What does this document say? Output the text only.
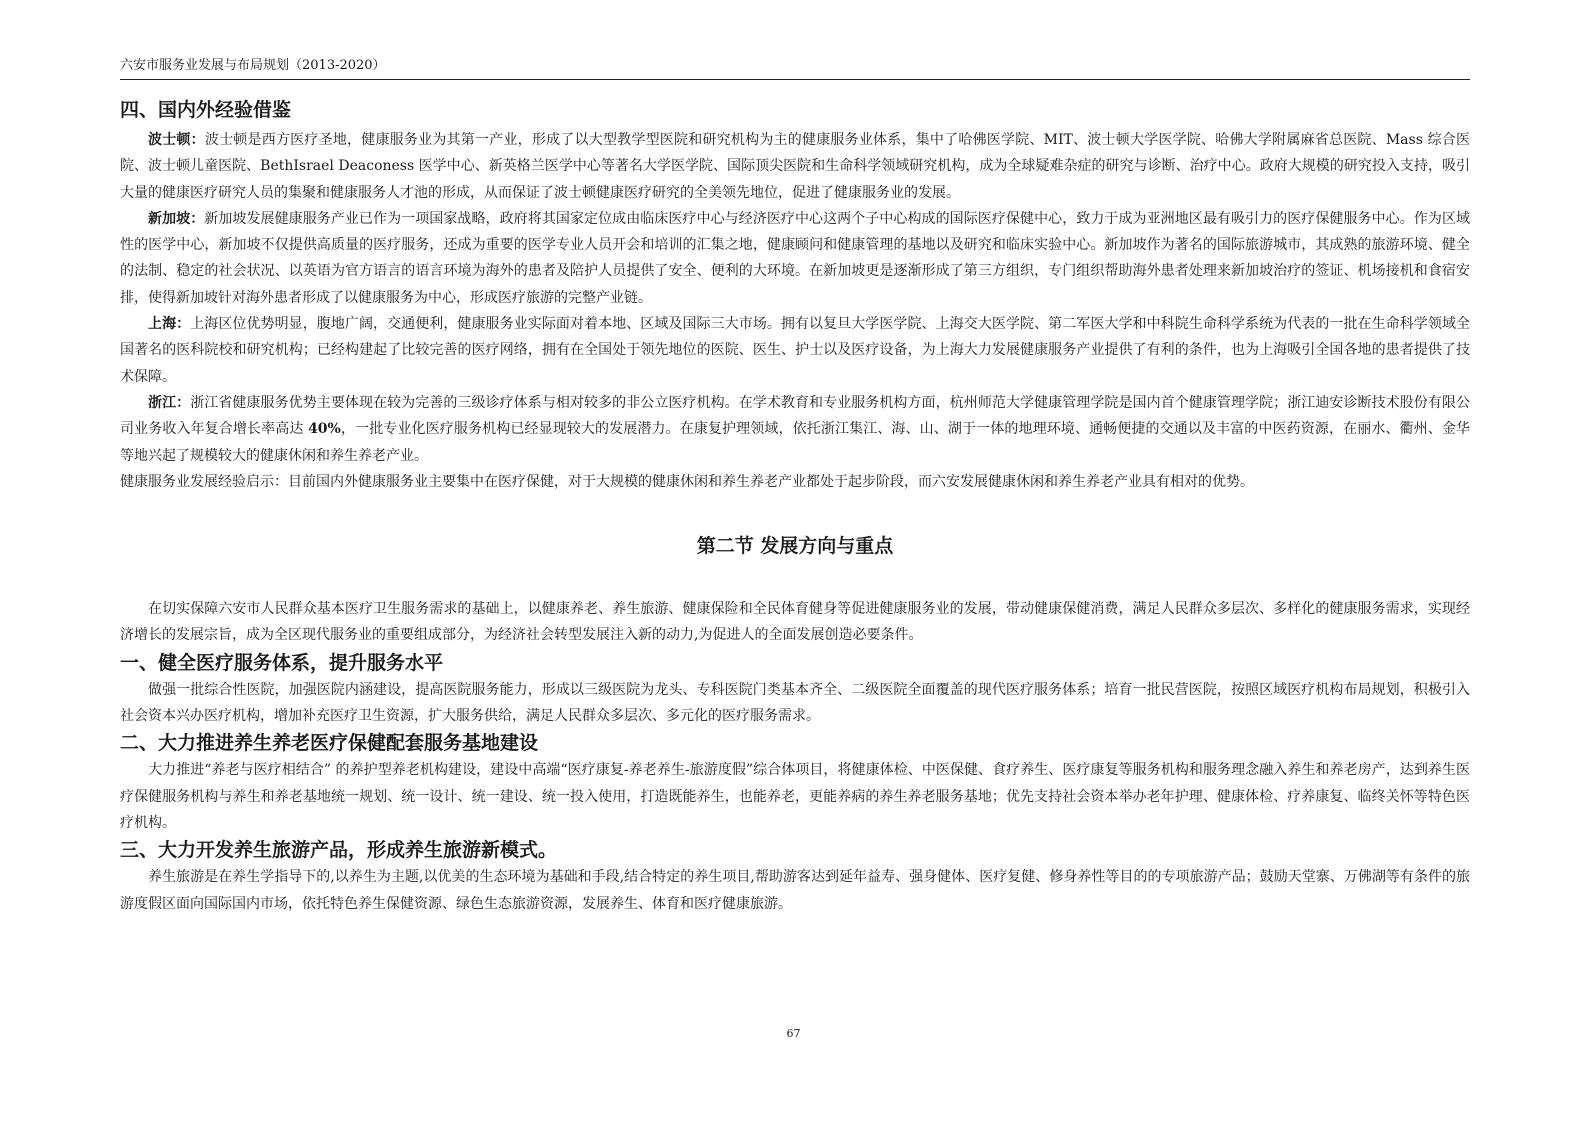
六安市服务业发展与布局规划（2013-2020）
四、国内外经验借鉴

波士顿：波士顿是西方医疗圣地，健康服务业为其第一产业，形成了以大型教学型医院和研究机构为主的健康服务业体系，集中了哈佛医学院、MIT、波士顿大学医学院、哈佛大学附属麻省总医院、Mass 综合医院、波士顿儿童医院、BethIsrael Deaconess 医学中心、新英格兰医学中心等著名大学医学院、国际顶尖医院和生命科学领域研究机构，成为全球疑难杂症的研究与诊断、治疗中心。政府大规模的研究投入支持，吸引大量的健康医疗研究人员的集聚和健康服务人才池的形成，从而保证了波士顿健康医疗研究的全美领先地位，促进了健康服务业的发展。

新加坡：新加坡发展健康服务产业已作为一项国家战略，政府将其国家定位成由临床医疗中心与经济医疗中心这两个子中心构成的国际医疗保健中心，致力于成为亚洲地区最有吸引力的医疗保健服务中心。作为区域性的医学中心，新加坡不仅提供高质量的医疗服务，还成为重要的医学专业人员开会和培训的汇集之地，健康顾问和健康管理的基地以及研究和临床实验中心。新加坡作为著名的国际旅游城市，其成熟的旅游环境、健全的法制、稳定的社会状况、以英语为官方语言的语言环境为海外的患者及陪护人员提供了安全、便利的大环境。在新加坡更是逐渐形成了第三方组织，专门组织帮助海外患者处理来新加坡治疗的签证、机场接机和食宿安排，使得新加坡针对海外患者形成了以健康服务为中心，形成医疗旅游的完整产业链。

上海：上海区位优势明显，腹地广阔，交通便利，健康服务业实际面对着本地、区域及国际三大市场。拥有以复旦大学医学院、上海交大医学院、第二军医大学和中科院生命科学系统为代表的一批在生命科学领域全国著名的医科院校和研究机构；已经构建起了比较完善的医疗网络，拥有在全国处于领先地位的医院、医生、护士以及医疗设备，为上海大力发展健康服务产业提供了有利的条件，也为上海吸引全国各地的患者提供了技术保障。

浙江：浙江省健康服务优势主要体现在较为完善的三级诊疗体系与相对较多的非公立医疗机构。在学术教育和专业服务机构方面，杭州师范大学健康管理学院是国内首个健康管理学院；浙江迪安诊断技术股份有限公司业务收入年复合增长率高达 40%，一批专业化医疗服务机构已经显现较大的发展潜力。在康复护理领域，依托浙江集江、海、山、湖于一体的地理环境、通畅便捷的交通以及丰富的中医药资源，在丽水、衢州、金华等地兴起了规模较大的健康休闲和养生养老产业。

健康服务业发展经验启示：目前国内外健康服务业主要集中在医疗保健，对于大规模的健康休闲和养生养老产业都处于起步阶段，而六安发展健康休闲和养生养老产业具有相对的优势。

第二节 发展方向与重点

在切实保障六安市人民群众基本医疗卫生服务需求的基础上，以健康养老、养生旅游、健康保险和全民体育健身等促进健康服务业的发展，带动健康保健消费，满足人民群众多层次、多样化的健康服务需求，实现经济增长的发展宗旨，成为全区现代服务业的重要组成部分，为经济社会转型发展注入新的动力,为促进人的全面发展创造必要条件。

一、健全医疗服务体系，提升服务水平

做强一批综合性医院，加强医院内涵建设，提高医院服务能力，形成以三级医院为龙头、专科医院门类基本齐全、二级医院全面覆盖的现代医疗服务体系；培育一批民营医院，按照区域医疗机构布局规划，积极引入社会资本兴办医疗机构，增加补充医疗卫生资源，扩大服务供给，满足人民群众多层次、多元化的医疗服务需求。

二、大力推进养生养老医疗保健配套服务基地建设

大力推进“养老与医疗相结合” 的养护型养老机构建设，建设中高端“医疗康复-养老养生-旅游度假”综合体项目，将健康体检、中医保健、食疗养生、医疗康复等服务机构和服务理念融入养生和养老房产，达到养生医疗保健服务机构与养生和养老基地统一规划、统一设计、统一建设、统一投入使用，打造既能养生，也能养老，更能养病的养生养老服务基地；优先支持社会资本举办老年护理、健康体检、疗养康复、临终关怀等特色医疗机构。

三、大力开发养生旅游产品，形成养生旅游新模式。

养生旅游是在养生学指导下的,以养生为主题,以优美的生态环境为基础和手段,结合特定的养生项目,帮助游客达到延年益寿、强身健体、医疗复健、修身养性等目的的专项旅游产品；鼓励天堂寨、万佛湖等有条件的旅游度假区面向国际国内市场，依托特色养生保健资源、绿色生态旅游资源，发展养生、体育和医疗健康旅游。

67
